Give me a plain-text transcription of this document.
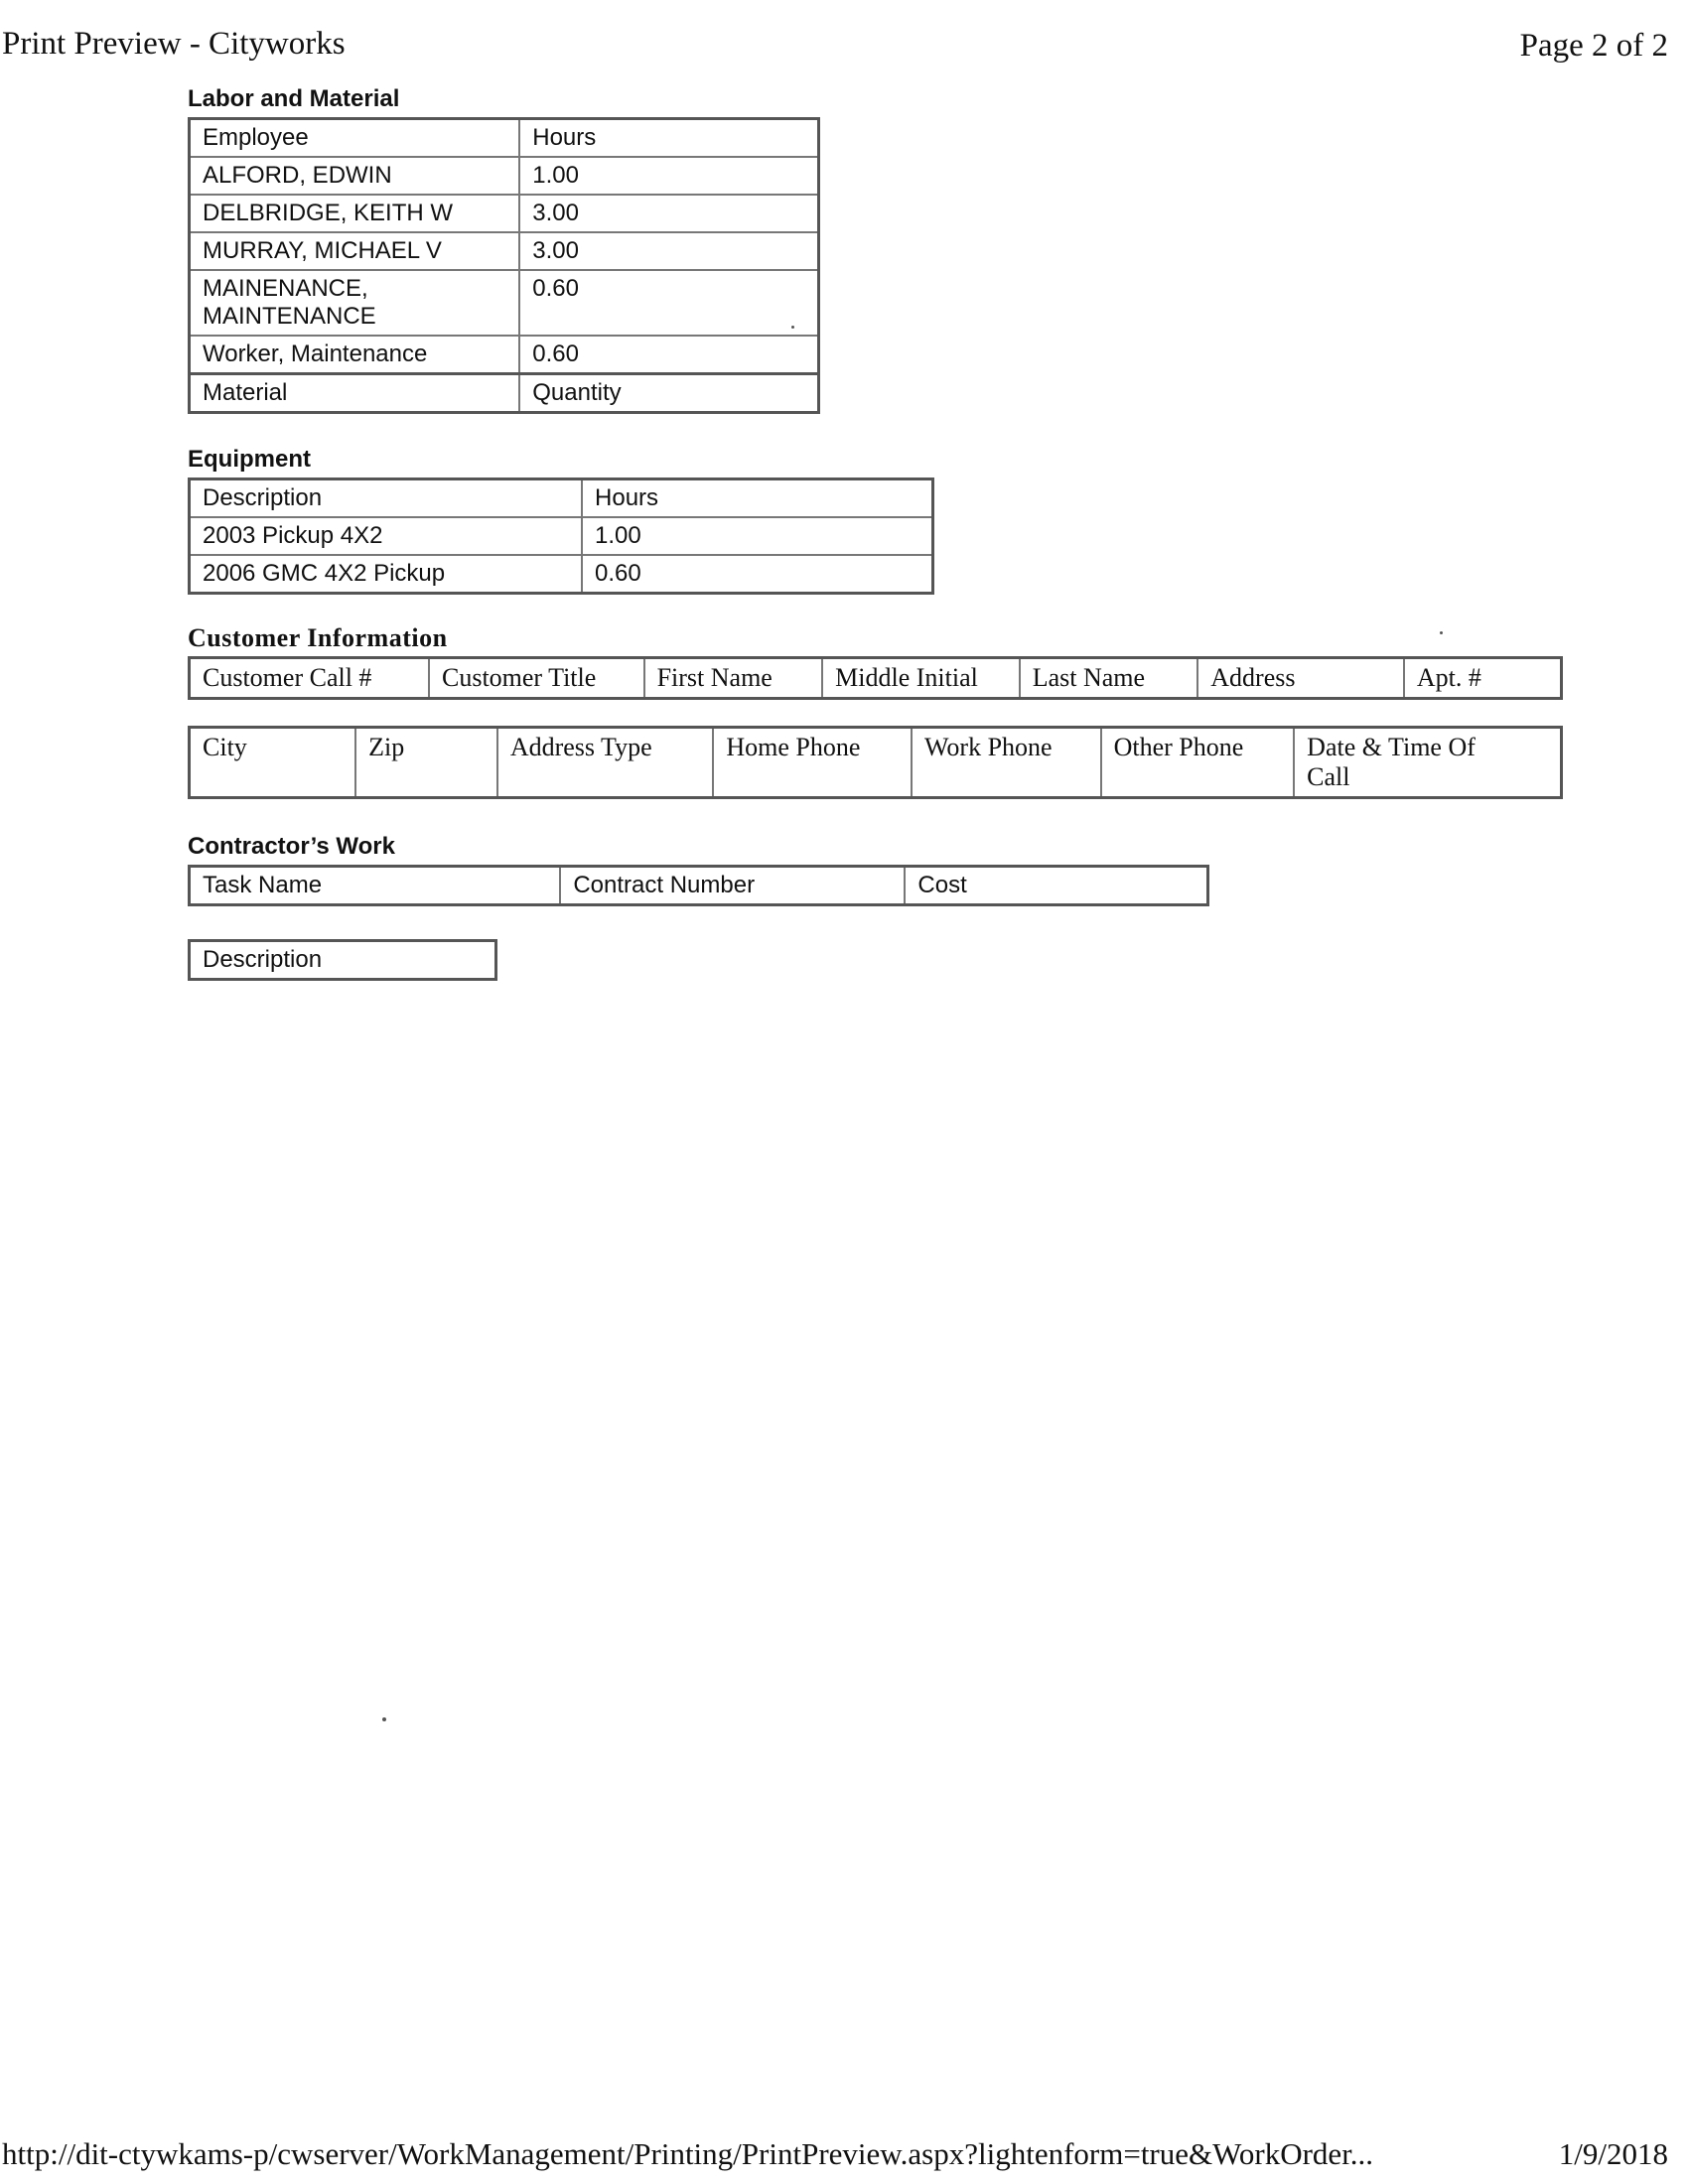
Print Preview - Cityworks	Page 2 of 2
Labor and Material
Employee	Hours
ALFORD, EDWIN	1.00
DELBRIDGE, KEITH W	3.00
MURRAY, MICHAEL V	3.00

MAINENANCE,
MAINTENANCE	0.60
Worker, Maintenance	0.60
Material	Quantity
Equipment
Description	Hours
2003 Pickup 4X2	1.00
2006 GMC 4X2 Pickup	0.60
Customer Information
Customer Call #	Customer Title	First Name	Middle Initial	Last Name	Address	Apt. #
City	Zip	Address Type	Home Phone	Work Phone	Other Phone	Date & Time Of
Call
Contractor’s Work
Task Name	Contract Number	Cost
Description
http://dit-ctywkams-p/cwserver/WorkManagement/Printing/PrintPreview.aspx?lightenform=true&WorkOrder...	1/9/2018
